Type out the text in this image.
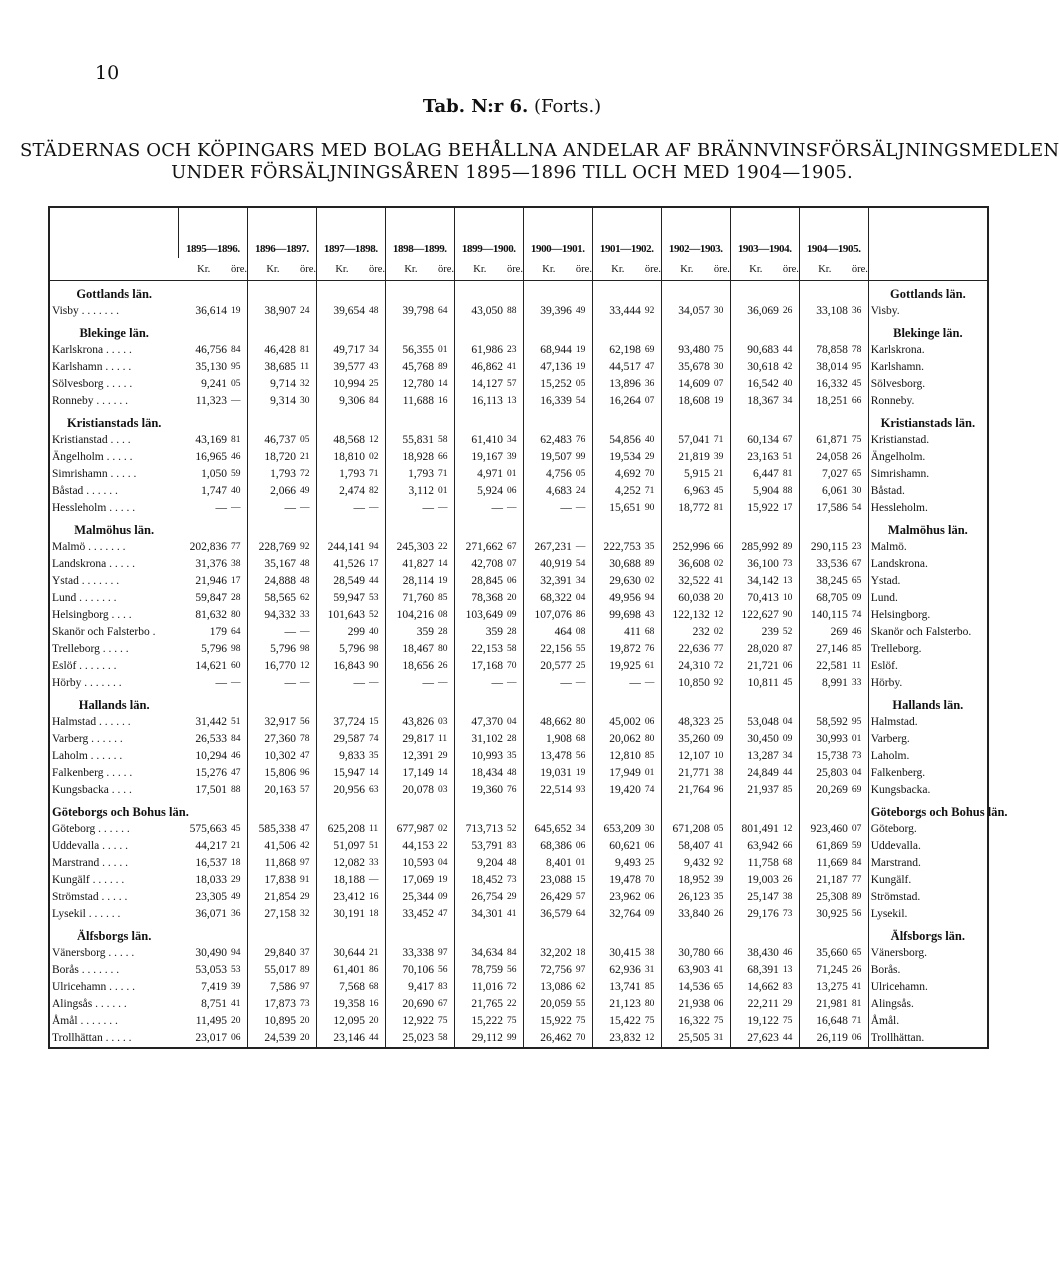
10
Tab. N:r 6. (Forts.)
STÄDERNAS OCH KÖPINGARS MED BOLAG BEHÅLLNA ANDELAR AF BRÄNNVINSFÖRSÄLJNINGSMEDLEN
UNDER FÖRSÄLJNINGSÅREN 1895—1896 TILL OCH MED 1904—1905.
	1895—1896.		1896—1897.		1897—1898.		1898—1899.		1899—1900.		1900—1901.		1901—1902.		1902—1903.		1903—1904.		1904—1905.		
	Kr.	öre.	Kr.	öre.	Kr.	öre.	Kr.	öre.	Kr.	öre.	Kr.	öre.	Kr.	öre.	Kr.	öre.	Kr.	öre.	Kr.	öre.	
Gottlands län.																					Gottlands län.
Visby . . . . . . .	36,614	19	38,907	24	39,654	48	39,798	64	43,050	88	39,396	49	33,444	92	34,057	30	36,069	26	33,108	36	Visby.
Blekinge län.																					Blekinge län.
Karlskrona . . . . .	46,756	84	46,428	81	49,717	34	56,355	01	61,986	23	68,944	19	62,198	69	93,480	75	90,683	44	78,858	78	Karlskrona.
Karlshamn . . . . .	35,130	95	38,685	11	39,577	43	45,768	89	46,862	41	47,136	19	44,517	47	35,678	30	30,618	42	38,014	95	Karlshamn.
Sölvesborg . . . . .	9,241	05	9,714	32	10,994	25	12,780	14	14,127	57	15,252	05	13,896	36	14,609	07	16,542	40	16,332	45	Sölvesborg.
Ronneby . . . . . .	11,323	—	9,314	30	9,306	84	11,688	16	16,113	13	16,339	54	16,264	07	18,608	19	18,367	34	18,251	66	Ronneby.
Kristianstads län.																					Kristianstads län.
Kristianstad . . . .	43,169	81	46,737	05	48,568	12	55,831	58	61,410	34	62,483	76	54,856	40	57,041	71	60,134	67	61,871	75	Kristianstad.
Ängelholm . . . . .	16,965	46	18,720	21	18,810	02	18,928	66	19,167	39	19,507	99	19,534	29	21,819	39	23,163	51	24,058	26	Ängelholm.
Simrishamn . . . . .	1,050	59	1,793	72	1,793	71	1,793	71	4,971	01	4,756	05	4,692	70	5,915	21	6,447	81	7,027	65	Simrishamn.
Båstad . . . . . .	1,747	40	2,066	49	2,474	82	3,112	01	5,924	06	4,683	24	4,252	71	6,963	45	5,904	88	6,061	30	Båstad.
Hessleholm . . . . .	—	—	—	—	—	—	—	—	—	—	—	—	15,651	90	18,772	81	15,922	17	17,586	54	Hessleholm.
Malmöhus län.																					Malmöhus län.
Malmö . . . . . . .	202,836	77	228,769	92	244,141	94	245,303	22	271,662	67	267,231	—	222,753	35	252,996	66	285,992	89	290,115	23	Malmö.
Landskrona . . . . .	31,376	38	35,167	48	41,526	17	41,827	14	42,708	07	40,919	54	30,688	89	36,608	02	36,100	73	33,536	67	Landskrona.
Ystad . . . . . . .	21,946	17	24,888	48	28,549	44	28,114	19	28,845	06	32,391	34	29,630	02	32,522	41	34,142	13	38,245	65	Ystad.
Lund . . . . . . .	59,847	28	58,565	62	59,947	53	71,760	85	78,368	20	68,322	04	49,956	94	60,038	20	70,413	10	68,705	09	Lund.
Helsingborg . . . .	81,632	80	94,332	33	101,643	52	104,216	08	103,649	09	107,076	86	99,698	43	122,132	12	122,627	90	140,115	74	Helsingborg.
Skanör och Falsterbo .	179	64	—	—	299	40	359	28	359	28	464	08	411	68	232	02	239	52	269	46	Skanör och Falsterbo.
Trelleborg . . . . .	5,796	98	5,796	98	5,796	98	18,467	80	22,153	58	22,156	55	19,872	76	22,636	77	28,020	87	27,146	85	Trelleborg.
Eslöf . . . . . . .	14,621	60	16,770	12	16,843	90	18,656	26	17,168	70	20,577	25	19,925	61	24,310	72	21,721	06	22,581	11	Eslöf.
Hörby . . . . . . .	—	—	—	—	—	—	—	—	—	—	—	—	—	—	10,850	92	10,811	45	8,991	33	Hörby.
Hallands län.																					Hallands län.
Halmstad . . . . . .	31,442	51	32,917	56	37,724	15	43,826	03	47,370	04	48,662	80	45,002	06	48,323	25	53,048	04	58,592	95	Halmstad.
Varberg . . . . . .	26,533	84	27,360	78	29,587	74	29,817	11	31,102	28	1,908	68	20,062	80	35,260	09	30,450	09	30,993	01	Varberg.
Laholm . . . . . .	10,294	46	10,302	47	9,833	35	12,391	29	10,993	35	13,478	56	12,810	85	12,107	10	13,287	34	15,738	73	Laholm.
Falkenberg . . . . .	15,276	47	15,806	96	15,947	14	17,149	14	18,434	48	19,031	19	17,949	01	21,771	38	24,849	44	25,803	04	Falkenberg.
Kungsbacka . . . .	17,501	88	20,163	57	20,956	63	20,078	03	19,360	76	22,514	93	19,420	74	21,764	96	21,937	85	20,269	69	Kungsbacka.
Göteborgs och Bohus län.																					Göteborgs och Bohus län.
Göteborg . . . . . .	575,663	45	585,338	47	625,208	11	677,987	02	713,713	52	645,652	34	653,209	30	671,208	05	801,491	12	923,460	07	Göteborg.
Uddevalla . . . . .	44,217	21	41,506	42	51,097	51	44,153	22	53,791	83	68,386	06	60,621	06	58,407	41	63,942	66	61,869	59	Uddevalla.
Marstrand . . . . .	16,537	18	11,868	97	12,082	33	10,593	04	9,204	48	8,401	01	9,493	25	9,432	92	11,758	68	11,669	84	Marstrand.
Kungälf . . . . . .	18,033	29	17,838	91	18,188	—	17,069	19	18,452	73	23,088	15	19,478	70	18,952	39	19,003	26	21,187	77	Kungälf.
Strömstad . . . . .	23,305	49	21,854	29	23,412	16	25,344	09	26,754	29	26,429	57	23,962	06	26,123	35	25,147	38	25,308	89	Strömstad.
Lysekil . . . . . .	36,071	36	27,158	32	30,191	18	33,452	47	34,301	41	36,579	64	32,764	09	33,840	26	29,176	73	30,925	56	Lysekil.
Älfsborgs län.																					Älfsborgs län.
Vänersborg . . . . .	30,490	94	29,840	37	30,644	21	33,338	97	34,634	84	32,202	18	30,415	38	30,780	66	38,430	46	35,660	65	Vänersborg.
Borås . . . . . . .	53,053	53	55,017	89	61,401	86	70,106	56	78,759	56	72,756	97	62,936	31	63,903	41	68,391	13	71,245	26	Borås.
Ulricehamn . . . . .	7,419	39	7,586	97	7,568	68	9,417	83	11,016	72	13,086	62	13,741	85	14,536	65	14,662	83	13,275	41	Ulricehamn.
Alingsås . . . . . .	8,751	41	17,873	73	19,358	16	20,690	67	21,765	22	20,059	55	21,123	80	21,938	06	22,211	29	21,981	81	Alingsås.
Åmål . . . . . . .	11,495	20	10,895	20	12,095	20	12,922	75	15,222	75	15,922	75	15,422	75	16,322	75	19,122	75	16,648	71	Åmål.
Trollhättan . . . . .	23,017	06	24,539	20	23,146	44	25,023	58	29,112	99	26,462	70	23,832	12	25,505	31	27,623	44	26,119	06	Trollhättan.
